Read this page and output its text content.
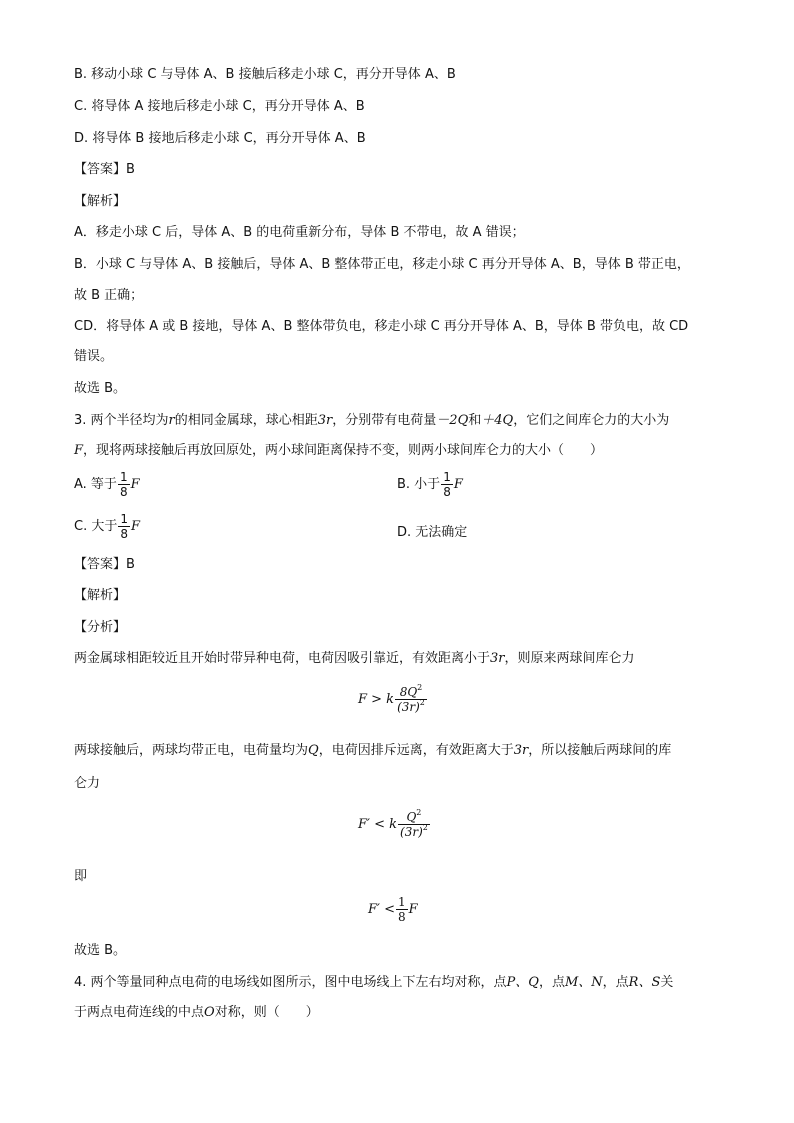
B. 移动小球 C 与导体 A、B 接触后移走小球 C，再分开导体 A、B
C. 将导体 A 接地后移走小球 C，再分开导体 A、B
D. 将导体 B 接地后移走小球 C，再分开导体 A、B
【答案】B
【解析】
A．移走小球 C 后，导体 A、B 的电荷重新分布，导体 B 不带电，故 A 错误；
B．小球 C 与导体 A、B 接触后，导体 A、B 整体带正电，移走小球 C 再分开导体 A、B，导体 B 带正电，
故 B 正确；
CD．将导体 A 或 B 接地，导体 A、B 整体带负电，移走小球 C 再分开导体 A、B，导体 B 带负电，故 CD
错误。
故选 B。
3. 两个半径均为r的相同金属球，球心相距3r，分别带有电荷量－2Q和＋4Q，它们之间库仑力的大小为
F，现将两球接触后再放回原处，两小球间距离保持不变，则两小球间库仑力的大小（　　）
A. 等于 $\frac{1}{8}$ F	B. 小于 $\frac{1}{8}$ F
C. 大于 $\frac{1}{8}$ F	D. 无法确定
【答案】B
【解析】
【分析】
两金属球相距较近且开始时带异种电荷，电荷因吸引靠近，有效距离小于3r，则原来两球间库仑力
F > k $\frac{8Q^2}{(3r)^2}$
两球接触后，两球均带正电，电荷量均为Q，电荷因排斥远离，有效距离大于3r，所以接触后两球间的库
仑力
F′ < k $\frac{Q^2}{(3r)^2}$
即
$F' < \frac{1}{8}$ F
故选 B。
4. 两个等量同种点电荷的电场线如图所示，图中电场线上下左右均对称，点P、Q，点M、N，点R、S关
于两点电荷连线的中点O对称，则（　　）
